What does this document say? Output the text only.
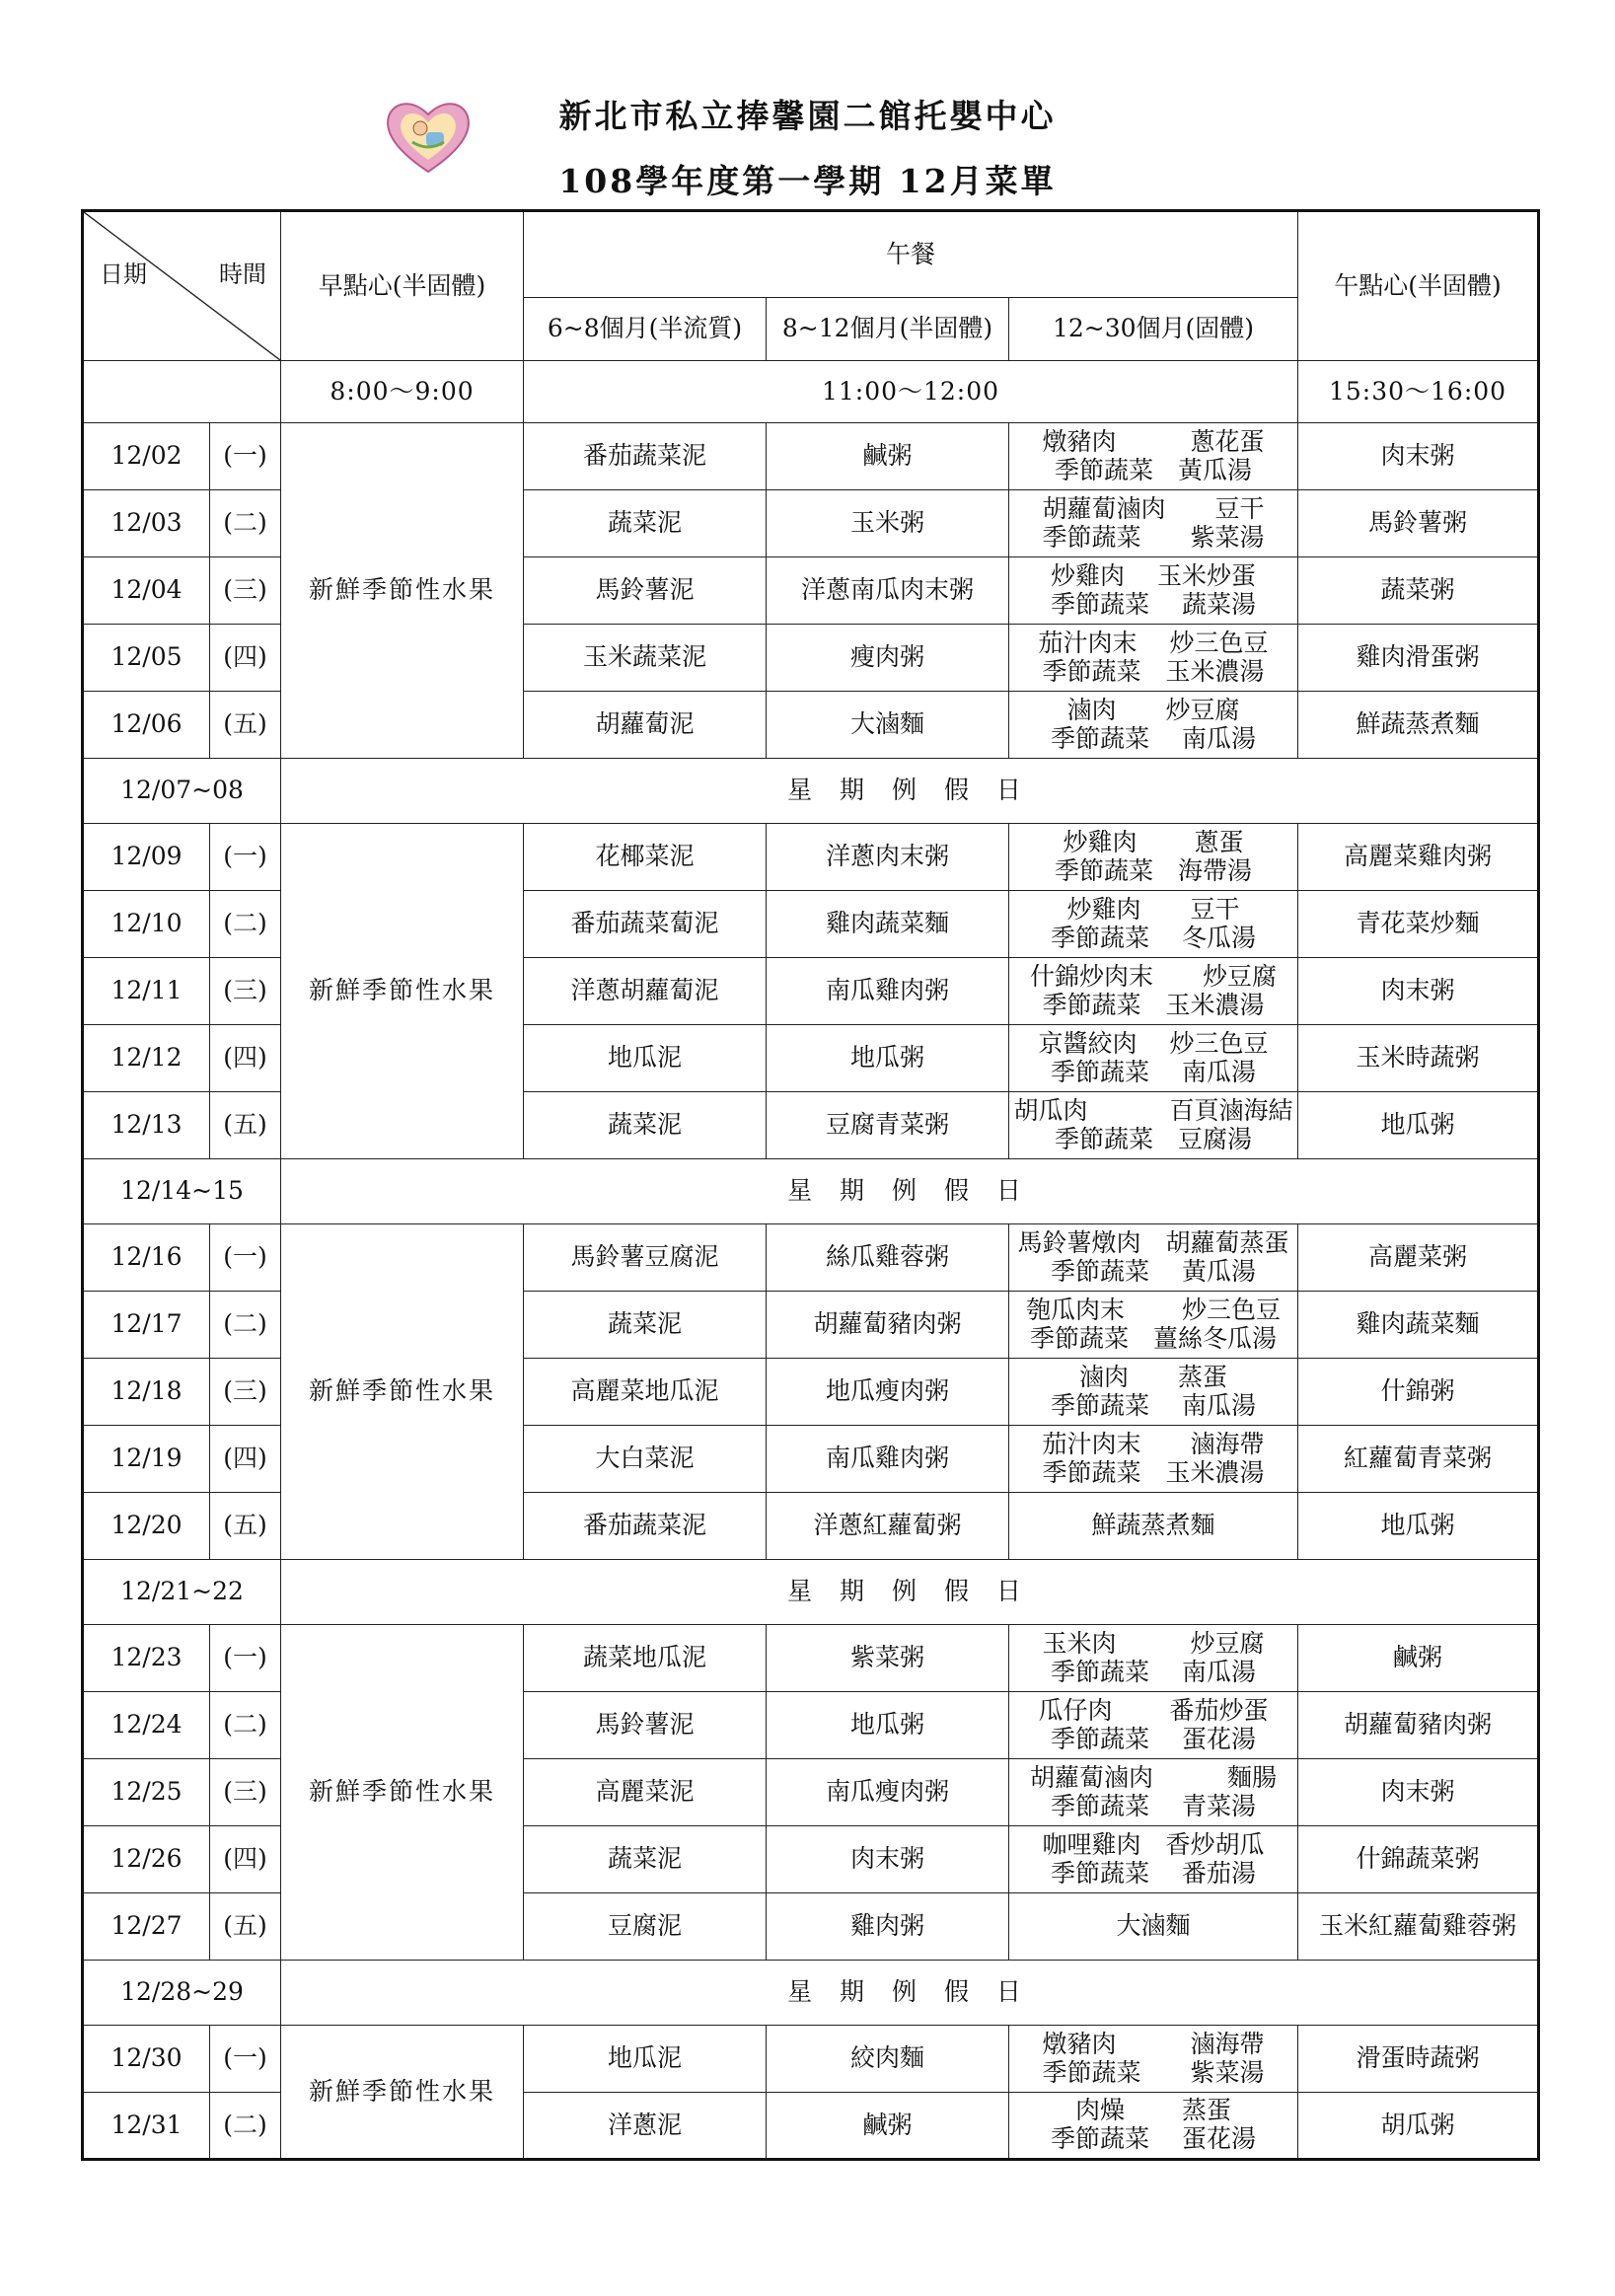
新北市私立捧馨園二館托嬰中心
108學年度第一學期 12月菜單
日期 時間		早點心(半固體)	午餐			午點心(半固體)
			6~8個月(半流質)	8~12個月(半固體)	12~30個月(固體)	
		8:00～9:00	11:00～12:00			15:30～16:00
12/02	(一)	新鮮季節性水果	番茄蔬菜泥	鹹粥	燉豬肉　　　蔥花蛋
季節蔬菜　黃瓜湯	肉末粥
12/03	(二)		蔬菜泥	玉米粥	胡蘿蔔滷肉　　豆干
季節蔬菜　　紫菜湯	馬鈴薯粥
12/04	(三)		馬鈴薯泥	洋蔥南瓜肉末粥	炒雞肉　 玉米炒蛋
季節蔬菜　 蔬菜湯	蔬菜粥
12/05	(四)		玉米蔬菜泥	瘦肉粥	茄汁肉末　 炒三色豆
季節蔬菜　玉米濃湯	雞肉滑蛋粥
12/06	(五)		胡蘿蔔泥	大滷麵	滷肉　　炒豆腐
季節蔬菜　 南瓜湯	鮮蔬蒸煮麵
12/07~08		星 期 例 假 日				
12/09	(一)	新鮮季節性水果	花椰菜泥	洋蔥肉末粥	炒雞肉　　 蔥蛋
季節蔬菜　海帶湯	高麗菜雞肉粥
12/10	(二)		番茄蔬菜蔔泥	雞肉蔬菜麵	炒雞肉　　豆干
季節蔬菜　 冬瓜湯	青花菜炒麵
12/11	(三)		洋蔥胡蘿蔔泥	南瓜雞肉粥	什錦炒肉末　　炒豆腐
季節蔬菜　玉米濃湯	肉末粥
12/12	(四)		地瓜泥	地瓜粥	京醬絞肉　 炒三色豆
季節蔬菜　 南瓜湯	玉米時蔬粥
12/13	(五)		蔬菜泥	豆腐青菜粥	胡瓜肉　　　 百頁滷海結
季節蔬菜　豆腐湯	地瓜粥
12/14~15		星 期 例 假 日				
12/16	(一)	新鮮季節性水果	馬鈴薯豆腐泥	絲瓜雞蓉粥	馬鈴薯燉肉　胡蘿蔔蒸蛋
季節蔬菜　 黃瓜湯	高麗菜粥
12/17	(二)		蔬菜泥	胡蘿蔔豬肉粥	匏瓜肉末　　 炒三色豆
季節蔬菜　薑絲冬瓜湯	雞肉蔬菜麵
12/18	(三)		高麗菜地瓜泥	地瓜瘦肉粥	滷肉　　蒸蛋
季節蔬菜　 南瓜湯	什錦粥
12/19	(四)		大白菜泥	南瓜雞肉粥	茄汁肉末　　滷海帶
季節蔬菜　玉米濃湯	紅蘿蔔青菜粥
12/20	(五)		番茄蔬菜泥	洋蔥紅蘿蔔粥	鮮蔬蒸煮麵	地瓜粥
12/21~22		星 期 例 假 日				
12/23	(一)	新鮮季節性水果	蔬菜地瓜泥	紫菜粥	玉米肉　　　炒豆腐
季節蔬菜　 南瓜湯	鹹粥
12/24	(二)		馬鈴薯泥	地瓜粥	瓜仔肉　　 番茄炒蛋
季節蔬菜　 蛋花湯	胡蘿蔔豬肉粥
12/25	(三)		高麗菜泥	南瓜瘦肉粥	胡蘿蔔滷肉　　　麵腸
季節蔬菜　 青菜湯	肉末粥
12/26	(四)		蔬菜泥	肉末粥	咖哩雞肉　香炒胡瓜
季節蔬菜　 番茄湯	什錦蔬菜粥
12/27	(五)		豆腐泥	雞肉粥	大滷麵	玉米紅蘿蔔雞蓉粥
12/28~29		星 期 例 假 日				
12/30	(一)	新鮮季節性水果	地瓜泥	絞肉麵	燉豬肉　　　滷海帶
季節蔬菜　　紫菜湯	滑蛋時蔬粥
12/31	(二)		洋蔥泥	鹹粥	肉燥　　 蒸蛋
季節蔬菜　 蛋花湯	胡瓜粥
